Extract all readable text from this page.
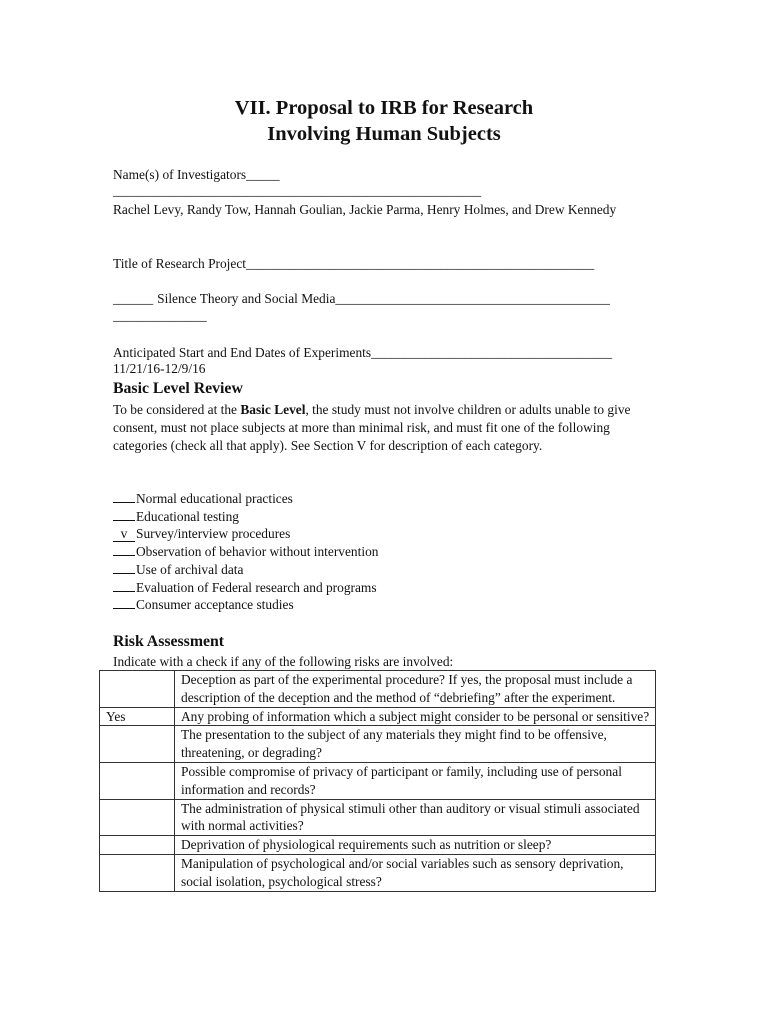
VII. Proposal to IRB for Research
Involving Human Subjects
Name(s) of Investigators_____
_______________________________________________________
Rachel Levy, Randy Tow, Hannah Goulian, Jackie Parma, Henry Holmes, and Drew Kennedy
Title of Research Project____________________________________________________
______ Silence Theory and Social Media_________________________________________
______________
Anticipated Start and End Dates of Experiments____________________________________
11/21/16-12/9/16
Basic Level Review
To be considered at the Basic Level, the study must not involve children or adults unable to give consent, must not place subjects at more than minimal risk, and must fit one of the following categories (check all that apply). See Section V for description of each category.
Normal educational practices
Educational testing
v Survey/interview procedures
Observation of behavior without intervention
Use of archival data
Evaluation of Federal research and programs
Consumer acceptance studies
Risk Assessment
Indicate with a check if any of the following risks are involved:
	Deception as part of the experimental procedure? If yes, the proposal must include a description of the deception and the method of “debriefing” after the experiment.
Yes	Any probing of information which a subject might consider to be personal or sensitive?
	The presentation to the subject of any materials they might find to be offensive, threatening, or degrading?
	Possible compromise of privacy of participant or family, including use of personal information and records?
	The administration of physical stimuli other than auditory or visual stimuli associated with normal activities?
	Deprivation of physiological requirements such as nutrition or sleep?
	Manipulation of psychological and/or social variables such as sensory deprivation, social isolation, psychological stress?
